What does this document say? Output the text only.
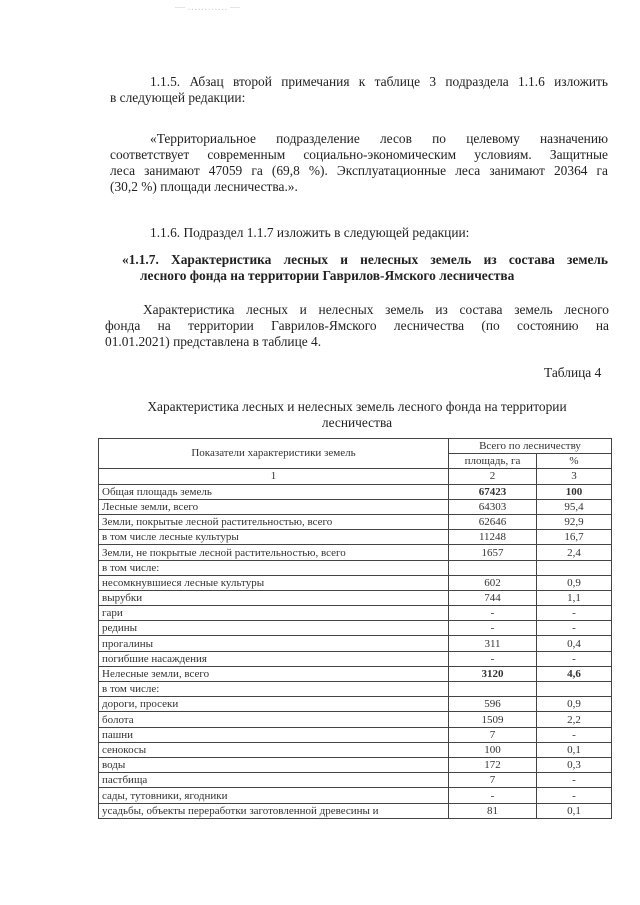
— ………… —
1.1.5. Абзац второй примечания к таблице 3 подраздела 1.1.6 изложить
в следующей редакции:
«Территориальное подразделение лесов по целевому назначению
соответствует современным социально-экономическим условиям. Защитные
леса занимают 47059 га (69,8 %). Эксплуатационные леса занимают 20364 га
(30,2 %) площади лесничества.».
1.1.6. Подраздел 1.1.7 изложить в следующей редакции:
«1.1.7. Характеристика лесных и нелесных земель из состава земель
лесного фонда на территории Гаврилов-Ямского лесничества
Характеристика лесных и нелесных земель из состава земель лесного
фонда на территории Гаврилов-Ямского лесничества (по состоянию на
01.01.2021) представлена в таблице 4.
Таблица 4
Характеристика лесных и нелесных земель лесного фонда на территории
лесничества
Показатели характеристики земель	Всего по лесничеству	
	площадь, га	%
1	2	3
Общая площадь земель	67423	100
Лесные земли, всего	64303	95,4
Земли, покрытые лесной растительностью, всего	62646	92,9
в том числе лесные культуры	11248	16,7
Земли, не покрытые лесной растительностью, всего	1657	2,4
в том числе:		
несомкнувшиеся лесные культуры	602	0,9
вырубки	744	1,1
гари	-	-
редины	-	-
прогалины	311	0,4
погибшие насаждения	-	-
Нелесные земли, всего	3120	4,6
в том числе:		
дороги, просеки	596	0,9
болота	1509	2,2
пашни	7	-
сенокосы	100	0,1
воды	172	0,3
пастбища	7	-
сады, тутовники, ягодники	-	-
усадьбы, объекты переработки заготовленной древесины и	81	0,1
